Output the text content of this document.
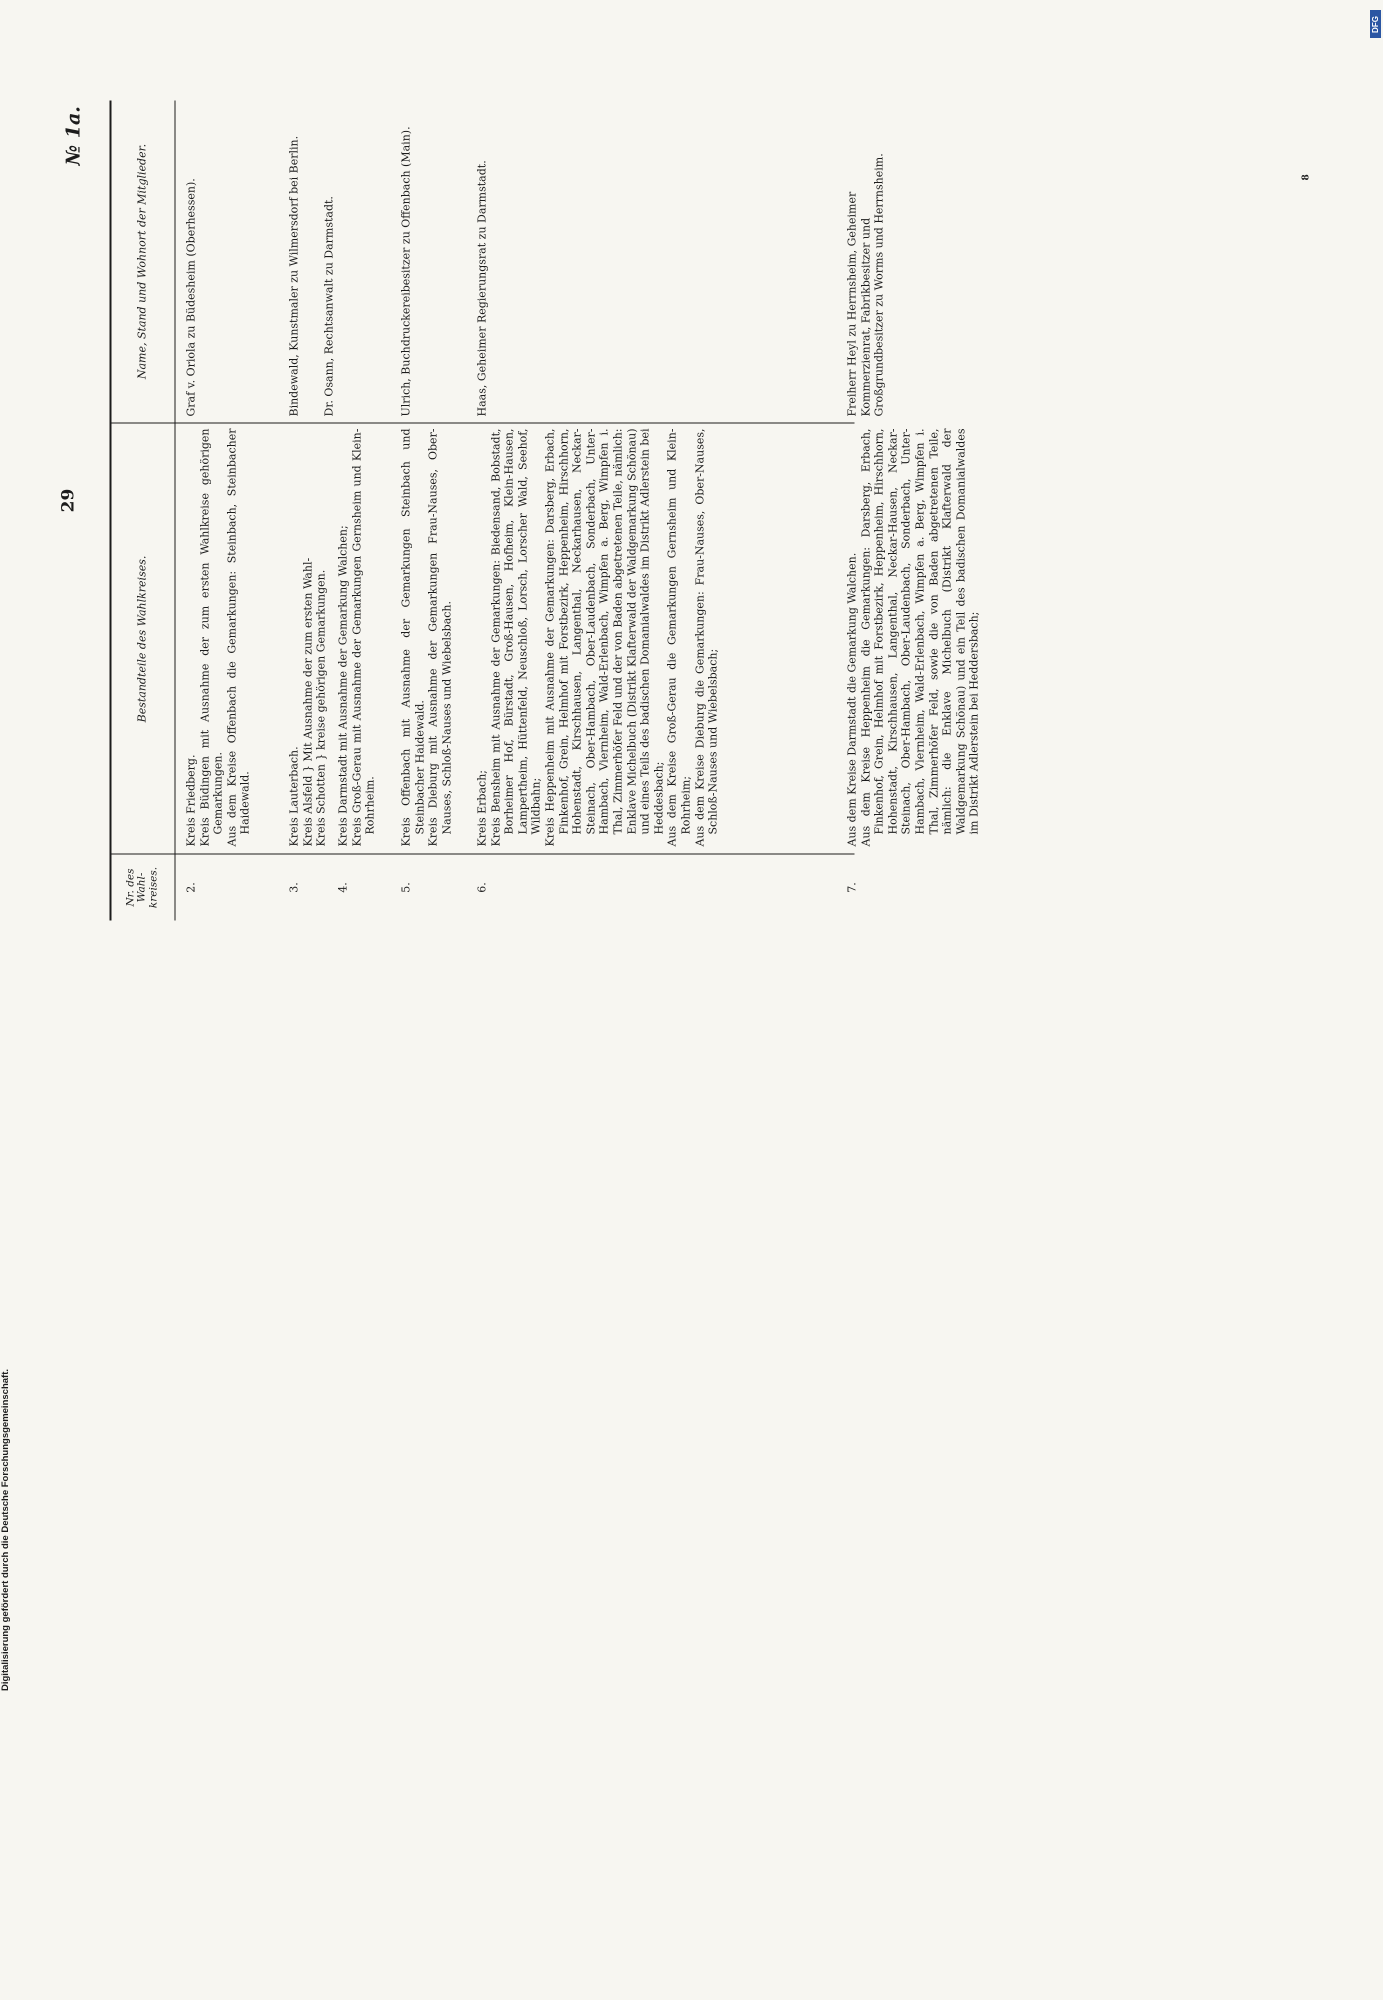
29
№ 1a.
Nr. des Wahl-kreises.
Bestandteile des Wahlkreises.
Name, Stand und Wohnort der Mitglieder.
2.
Kreis Friedberg. Kreis Büdingen mit Ausnahme der zum ersten Wahlkreise gehörigen Gemarkungen. Aus dem Kreise Offenbach die Gemarkungen: Steinbach, Steinbacher Haidewald.
Graf v. Oriola zu Büdesheim (Oberhessen).
3.
Kreis Lauterbach. Kreis Alsfeld } Mit Ausnahme der zum ersten Wahl- Kreis Schotten } kreise gehörigen Gemarkungen.
Bindewald, Kunstmaler zu Wilmersdorf bei Berlin.
4.
Kreis Darmstadt mit Ausnahme der Gemarkung Walchen; Kreis Groß-Gerau mit Ausnahme der Gemarkungen Gernsheim und Klein-Rohrheim.
Dr. Osann, Rechtsanwalt zu Darmstadt.
5.
Kreis Offenbach mit Ausnahme der Gemarkungen Steinbach und Steinbacher Haidewald. Kreis Dieburg mit Ausnahme der Gemarkungen Frau-Nauses, Ober-Nauses, Schloß-Nauses und Wiebelsbach.
Ulrich, Buchdruckereibesitzer zu Offenbach (Main).
6.
Kreis Erbach; Kreis Bensheim mit Ausnahme der Gemarkungen: Biedensand, Bobstadt, Borheimer Hof, Bürstadt, Groß-Hausen, Hofheim, Klein-Hausen, Lampertheim, Hüttenfeld, Neuschloß, Lorsch, Lorscher Wald, Seehof, Wildbahn; Kreis Heppenheim mit Ausnahme der Gemarkungen: Darsberg, Erbach, Finkenhof, Grein, Helmhof mit Forstbezirk, Heppenheim, Hirschhorn, Hohenstadt, Kirschhausen, Langenthal, Neckarhausen, Neckar-Steinach, Ober-Hambach, Ober-Laudenbach, Sonderbach, Unter-Hambach, Viernheim, Wald-Erlenbach, Wimpfen a. Berg, Wimpfen i. Thal, Zimmerhöfer Feld und der von Baden abgetretenen Teile, nämlich: Enklave Michelbuch (Distrikt Klafterwald der Waldgemarkung Schönau) und eines Teils des badischen Domanialwaldes im Distrikt Adlerstein bei Heddesbach; Aus dem Kreise Groß-Gerau die Gemarkungen Gernsheim und Klein-Rohrheim; Aus dem Kreise Dieburg die Gemarkungen: Frau-Nauses, Ober-Nauses, Schloß-Nauses und Wiebelsbach;
Haas, Geheimer Regierungsrat zu Darmstadt.
7.
Aus dem Kreise Darmstadt die Gemarkung Walchen. Aus dem Kreise Heppenheim die Gemarkungen: Darsberg, Erbach, Finkenhof, Grein, Helmhof mit Forstbezirk, Heppenheim, Hirschhorn, Hohenstadt, Kirschhausen, Langenthal, Neckar-Hausen, Neckar-Steinach, Ober-Hambach, Ober-Laudenbach, Sonderbach, Unter-Hambach, Viernheim, Wald-Erlenbach, Wimpfen a. Berg, Wimpfen i. Thal, Zimmerhöfer Feld, sowie die von Baden abgetretenen Teile, nämlich: die Enklave Michelbuch (Distrikt Klafterwald der Waldgemarkung Schönau) und ein Teil des badischen Domanialwaldes im Distrikt Adlerstein bei Heddersbach;
Freiherr Heyl zu Herrnsheim, Geheimer Kommerzienrat, Fabrikbesitzer und Großgrundbesitzer zu Worms und Herrnsheim.	8
DFG
Digitalisierung gefördert durch die Deutsche Forschungsgemeinschaft.
